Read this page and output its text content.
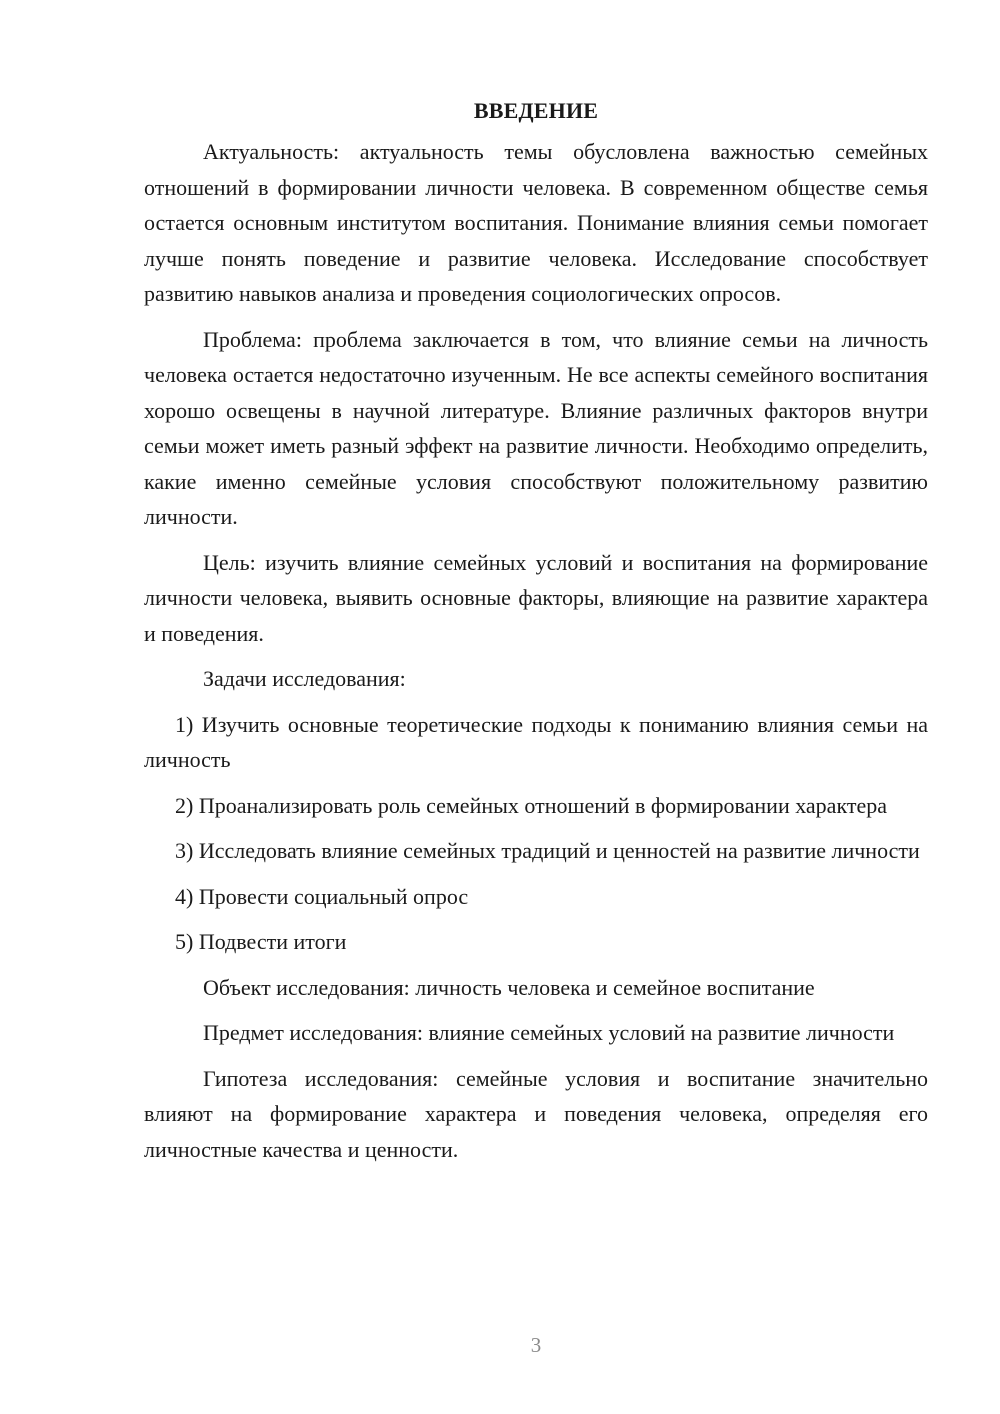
ВВЕДЕНИЕ

Актуальность: актуальность темы обусловлена важностью семейных отношений в формировании личности человека. В современном обществе семья остается основным институтом воспитания. Понимание влияния семьи помогает лучше понять поведение и развитие человека. Исследование способствует развитию навыков анализа и проведения социологических опросов.

Проблема: проблема заключается в том, что влияние семьи на личность человека остается недостаточно изученным. Не все аспекты семейного воспитания хорошо освещены в научной литературе. Влияние различных факторов внутри семьи может иметь разный эффект на развитие личности. Необходимо определить, какие именно семейные условия способствуют положительному развитию личности.

Цель: изучить влияние семейных условий и воспитания на формирование личности человека, выявить основные факторы, влияющие на развитие характера и поведения.

Задачи исследования:

1) Изучить основные теоретические подходы к пониманию влияния семьи на личность

2) Проанализировать роль семейных отношений в формировании характера

3) Исследовать влияние семейных традиций и ценностей на развитие личности

4) Провести социальный опрос

5) Подвести итоги

Объект исследования: личность человека и семейное воспитание

Предмет исследования: влияние семейных условий на развитие личности

Гипотеза исследования: семейные условия и воспитание значительно влияют на формирование характера и поведения человека, определяя его личностные качества и ценности.

3
